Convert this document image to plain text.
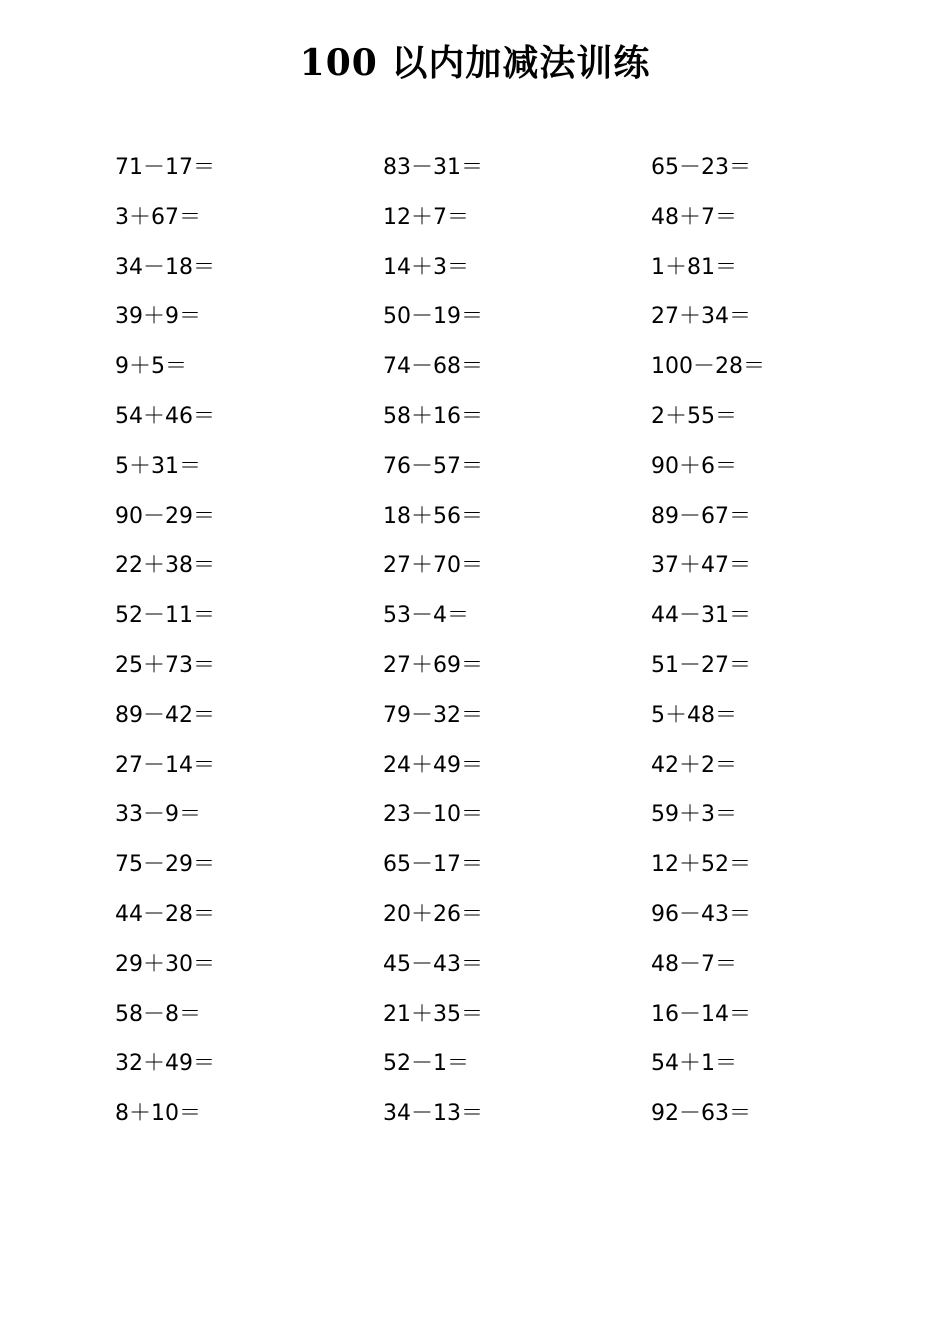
100 以内加减法训练
71－17＝
3＋67＝
34－18＝
39＋9＝
9＋5＝
54＋46＝
5＋31＝
90－29＝
22＋38＝
52－11＝
25＋73＝
89－42＝
27－14＝
33－9＝
75－29＝
44－28＝
29＋30＝
58－8＝
32＋49＝
8＋10＝
83－31＝
12＋7＝
14＋3＝
50－19＝
74－68＝
58＋16＝
76－57＝
18＋56＝
27＋70＝
53－4＝
27＋69＝
79－32＝
24＋49＝
23－10＝
65－17＝
20＋26＝
45－43＝
21＋35＝
52－1＝
34－13＝
65－23＝
48＋7＝
1＋81＝
27＋34＝
100－28＝
2＋55＝
90＋6＝
89－67＝
37＋47＝
44－31＝
51－27＝
5＋48＝
42＋2＝
59＋3＝
12＋52＝
96－43＝
48－7＝
16－14＝
54＋1＝
92－63＝
